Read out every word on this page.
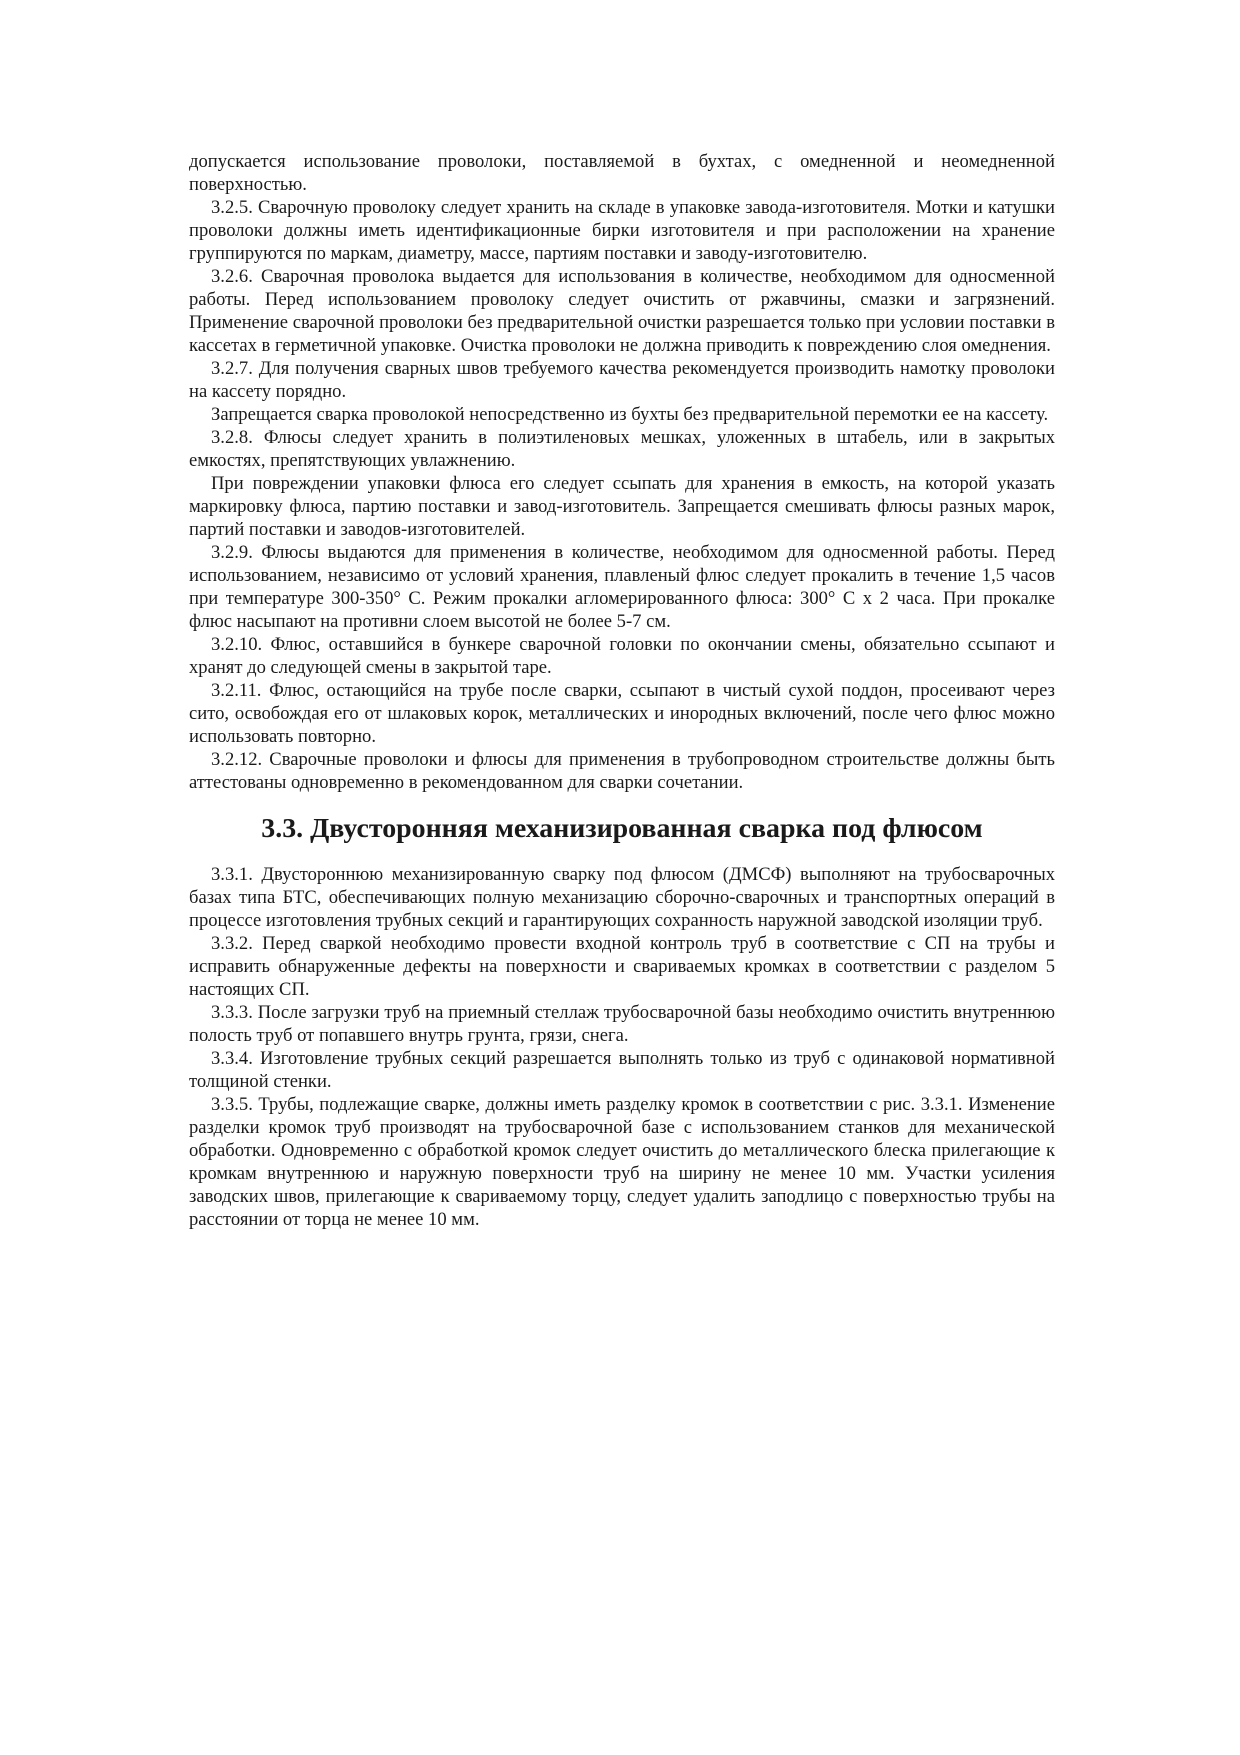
допускается использование проволоки, поставляемой в бухтах, с омедненной и неомедненной поверхностью.

3.2.5. Сварочную проволоку следует хранить на складе в упаковке завода-изготовителя. Мотки и катушки проволоки должны иметь идентификационные бирки изготовителя и при расположении на хранение группируются по маркам, диаметру, массе, партиям поставки и заводу-изготовителю.

3.2.6. Сварочная проволока выдается для использования в количестве, необходимом для односменной работы. Перед использованием проволоку следует очистить от ржавчины, смазки и загрязнений. Применение сварочной проволоки без предварительной очистки разрешается только при условии поставки в кассетах в герметичной упаковке. Очистка проволоки не должна приводить к повреждению слоя омеднения.

3.2.7. Для получения сварных швов требуемого качества рекомендуется производить намотку проволоки на кассету порядно.

Запрещается сварка проволокой непосредственно из бухты без предварительной перемотки ее на кассету.

3.2.8. Флюсы следует хранить в полиэтиленовых мешках, уложенных в штабель, или в закрытых емкостях, препятствующих увлажнению.

При повреждении упаковки флюса его следует ссыпать для хранения в емкость, на которой указать маркировку флюса, партию поставки и завод-изготовитель. Запрещается смешивать флюсы разных марок, партий поставки и заводов-изготовителей.

3.2.9. Флюсы выдаются для применения в количестве, необходимом для односменной работы. Перед использованием, независимо от условий хранения, плавленый флюс следует прокалить в течение 1,5 часов при температуре 300-350° С. Режим прокалки агломерированного флюса: 300° С х 2 часа. При прокалке флюс насыпают на противни слоем высотой не более 5-7 см.

3.2.10. Флюс, оставшийся в бункере сварочной головки по окончании смены, обязательно ссыпают и хранят до следующей смены в закрытой таре.

3.2.11. Флюс, остающийся на трубе после сварки, ссыпают в чистый сухой поддон, просеивают через сито, освобождая его от шлаковых корок, металлических и инородных включений, после чего флюс можно использовать повторно.

3.2.12. Сварочные проволоки и флюсы для применения в трубопроводном строительстве должны быть аттестованы одновременно в рекомендованном для сварки сочетании.

3.3. Двусторонняя механизированная сварка под флюсом

3.3.1. Двустороннюю механизированную сварку под флюсом (ДМСФ) выполняют на трубосварочных базах типа БТС, обеспечивающих полную механизацию сборочно-сварочных и транспортных операций в процессе изготовления трубных секций и гарантирующих сохранность наружной заводской изоляции труб.

3.3.2. Перед сваркой необходимо провести входной контроль труб в соответствие с СП на трубы и исправить обнаруженные дефекты на поверхности и свариваемых кромках в соответствии с разделом 5 настоящих СП.

3.3.3. После загрузки труб на приемный стеллаж трубосварочной базы необходимо очистить внутреннюю полость труб от попавшего внутрь грунта, грязи, снега.

3.3.4. Изготовление трубных секций разрешается выполнять только из труб с одинаковой нормативной толщиной стенки.

3.3.5. Трубы, подлежащие сварке, должны иметь разделку кромок в соответствии с рис. 3.3.1. Изменение разделки кромок труб производят на трубосварочной базе с использованием станков для механической обработки. Одновременно с обработкой кромок следует очистить до металлического блеска прилегающие к кромкам внутреннюю и наружную поверхности труб на ширину не менее 10 мм. Участки усиления заводских швов, прилегающие к свариваемому торцу, следует удалить заподлицо с поверхностью трубы на расстоянии от торца не менее 10 мм.
